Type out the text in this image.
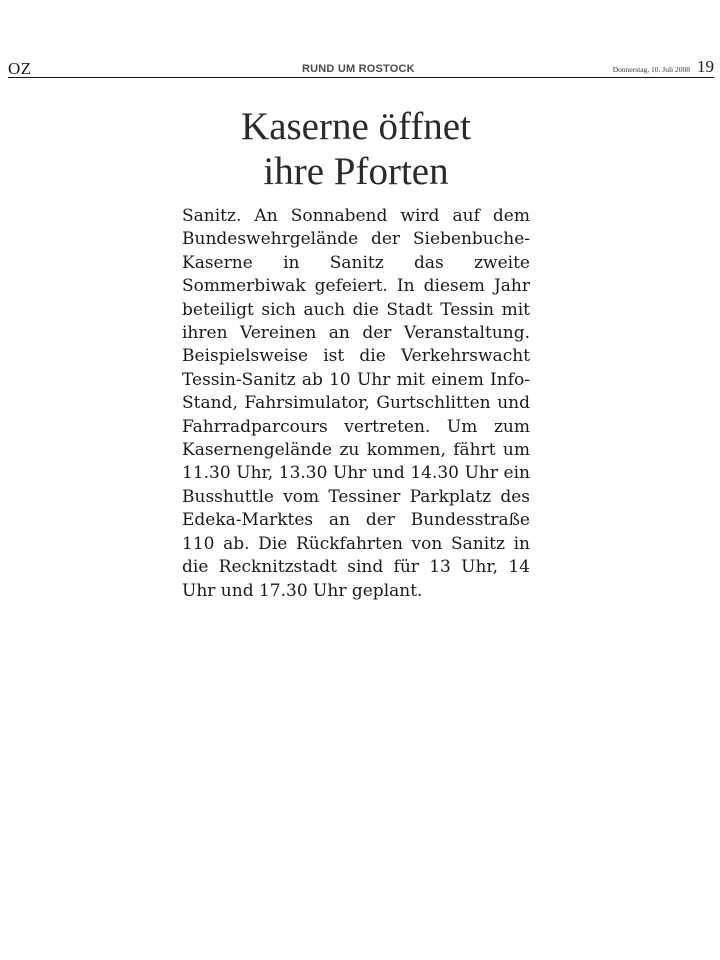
OZ	RUND UM ROSTOCK	Donnerstag, 10. Juli 2008 19
Kaserne öffnet
ihre Pforten
Sanitz. An Sonnabend wird auf dem Bundeswehrgelände der Siebenbuche-Kaserne in Sanitz das zweite Sommerbiwak gefeiert. In diesem Jahr beteiligt sich auch die Stadt Tessin mit ihren Vereinen an der Veranstaltung. Beispielsweise ist die Verkehrswacht Tessin-Sanitz ab 10 Uhr mit einem Info-Stand, Fahrsimulator, Gurtschlitten und Fahrradparcours vertreten. Um zum Kasernengelände zu kommen, fährt um 11.30 Uhr, 13.30 Uhr und 14.30 Uhr ein Busshuttle vom Tessiner Parkplatz des Edeka-Marktes an der Bundesstraße 110 ab. Die Rückfahrten von Sanitz in die Recknitzstadt sind für 13 Uhr, 14 Uhr und 17.30 Uhr geplant.
